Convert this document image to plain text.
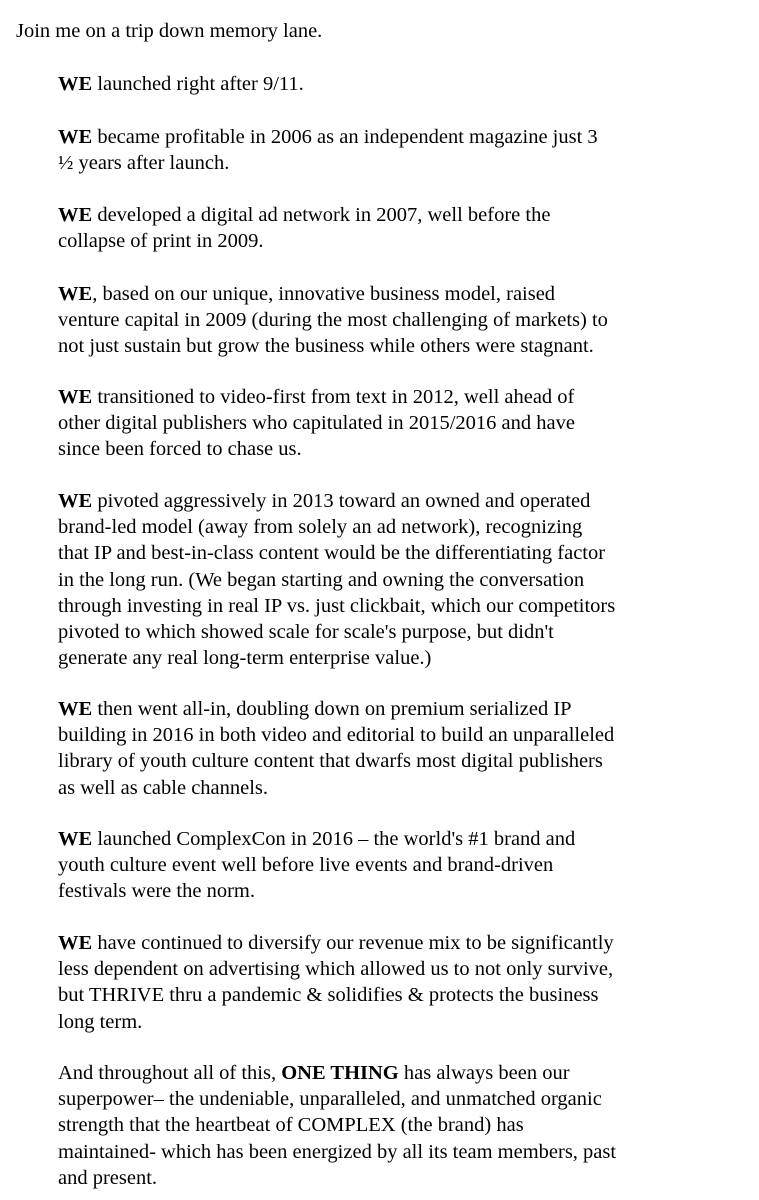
Join me on a trip down memory lane.

WE launched right after 9/11.

WE became profitable in 2006 as an independent magazine just 3
½ years after launch.

WE developed a digital ad network in 2007, well before the
collapse of print in 2009.

WE, based on our unique, innovative business model, raised
venture capital in 2009 (during the most challenging of markets) to
not just sustain but grow the business while others were stagnant.

WE transitioned to video-first from text in 2012, well ahead of
other digital publishers who capitulated in 2015/2016 and have
since been forced to chase us.

WE pivoted aggressively in 2013 toward an owned and operated
brand-led model (away from solely an ad network), recognizing
that IP and best-in-class content would be the differentiating factor
in the long run. (We began starting and owning the conversation
through investing in real IP vs. just clickbait, which our competitors
pivoted to which showed scale for scale's purpose, but didn't
generate any real long-term enterprise value.)

WE then went all-in, doubling down on premium serialized IP
building in 2016 in both video and editorial to build an unparalleled
library of youth culture content that dwarfs most digital publishers
as well as cable channels.

WE launched ComplexCon in 2016 – the world's #1 brand and
youth culture event well before live events and brand-driven
festivals were the norm.

WE have continued to diversify our revenue mix to be significantly
less dependent on advertising which allowed us to not only survive,
but THRIVE thru a pandemic & solidifies & protects the business
long term.

And throughout all of this, ONE THING has always been our
superpower– the undeniable, unparalleled, and unmatched organic
strength that the heartbeat of COMPLEX (the brand) has
maintained- which has been energized by all its team members, past
and present.
